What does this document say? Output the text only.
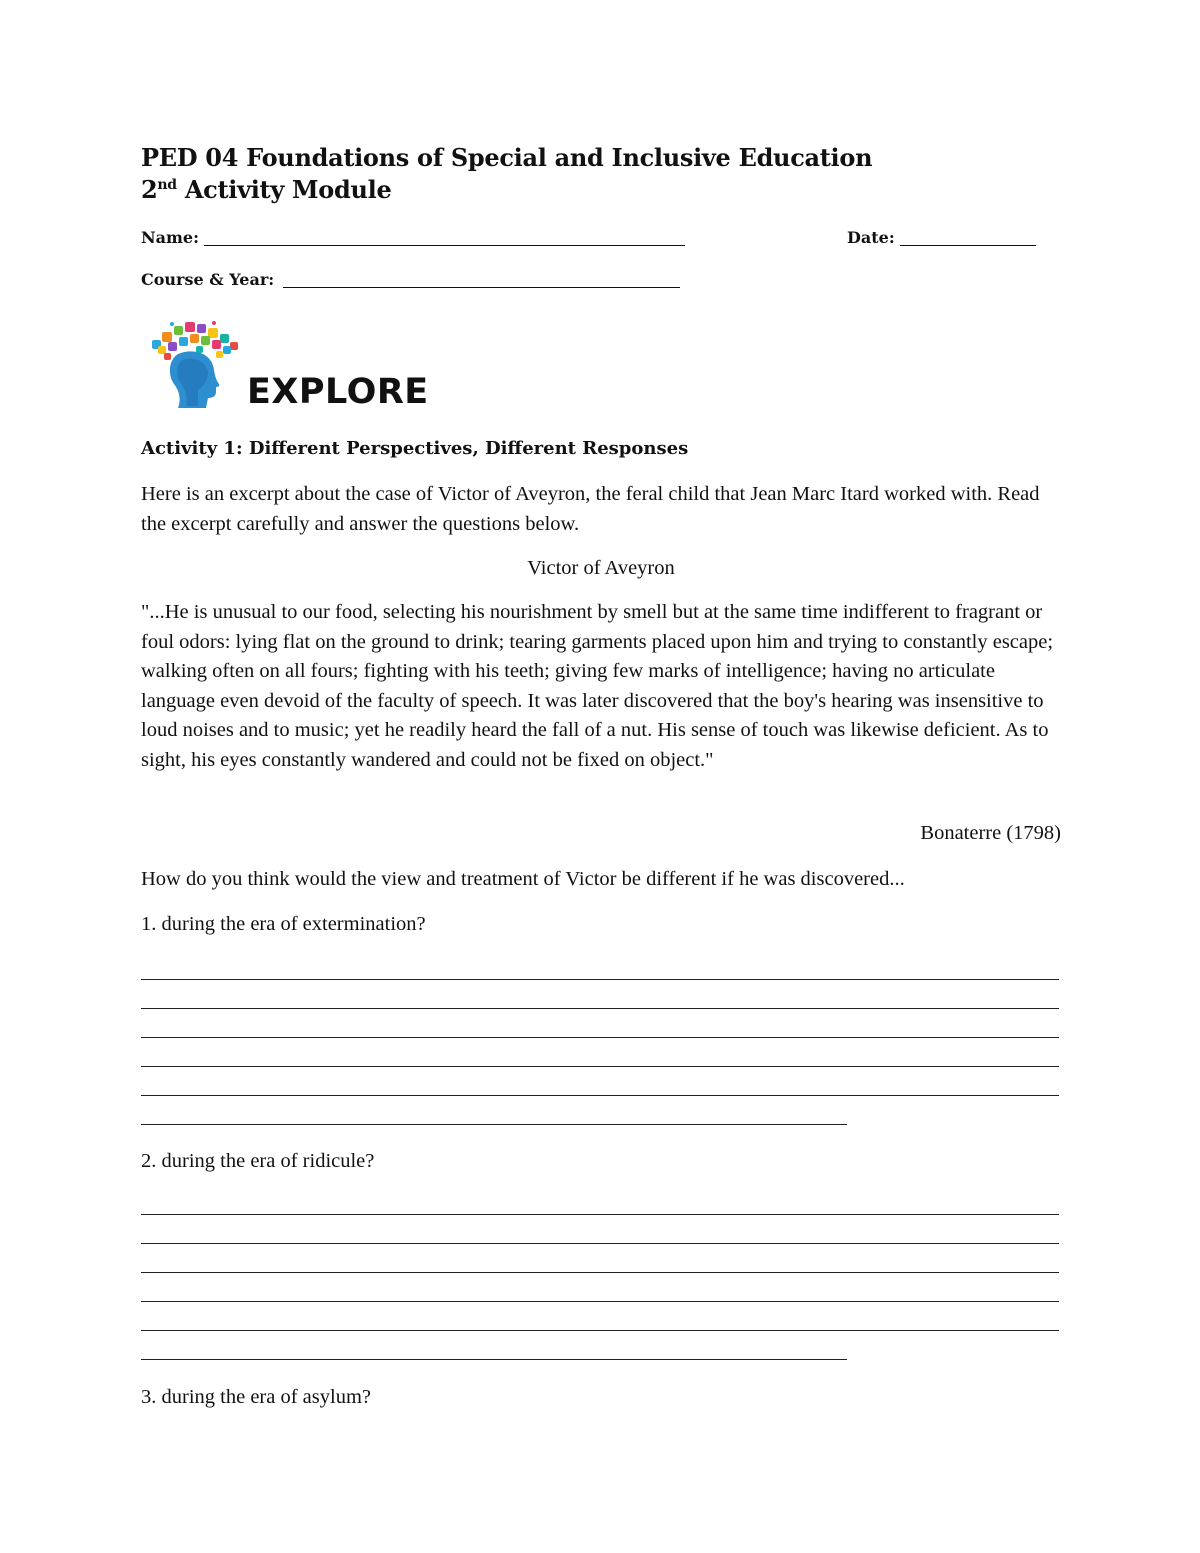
PED 04 Foundations of Special and Inclusive Education
2nd Activity Module
Name:	Date:
Course & Year:
EXPLORE
Activity 1: Different Perspectives, Different Responses
Here is an excerpt about the case of Victor of Aveyron, the feral child that Jean Marc Itard worked with. Read the excerpt carefully and answer the questions below.
Victor of Aveyron
"...He is unusual to our food, selecting his nourishment by smell but at the same time indifferent to fragrant or foul odors: lying flat on the ground to drink; tearing garments placed upon him and trying to constantly escape; walking often on all fours; fighting with his teeth; giving few marks of intelligence; having no articulate language even devoid of the faculty of speech. It was later discovered that the boy's hearing was insensitive to loud noises and to music; yet he readily heard the fall of a nut. His sense of touch was likewise deficient. As to sight, his eyes constantly wandered and could not be fixed on object."
Bonaterre (1798)
How do you think would the view and treatment of Victor be different if he was discovered...
1. during the era of extermination?
2. during the era of ridicule?
3. during the era of asylum?
